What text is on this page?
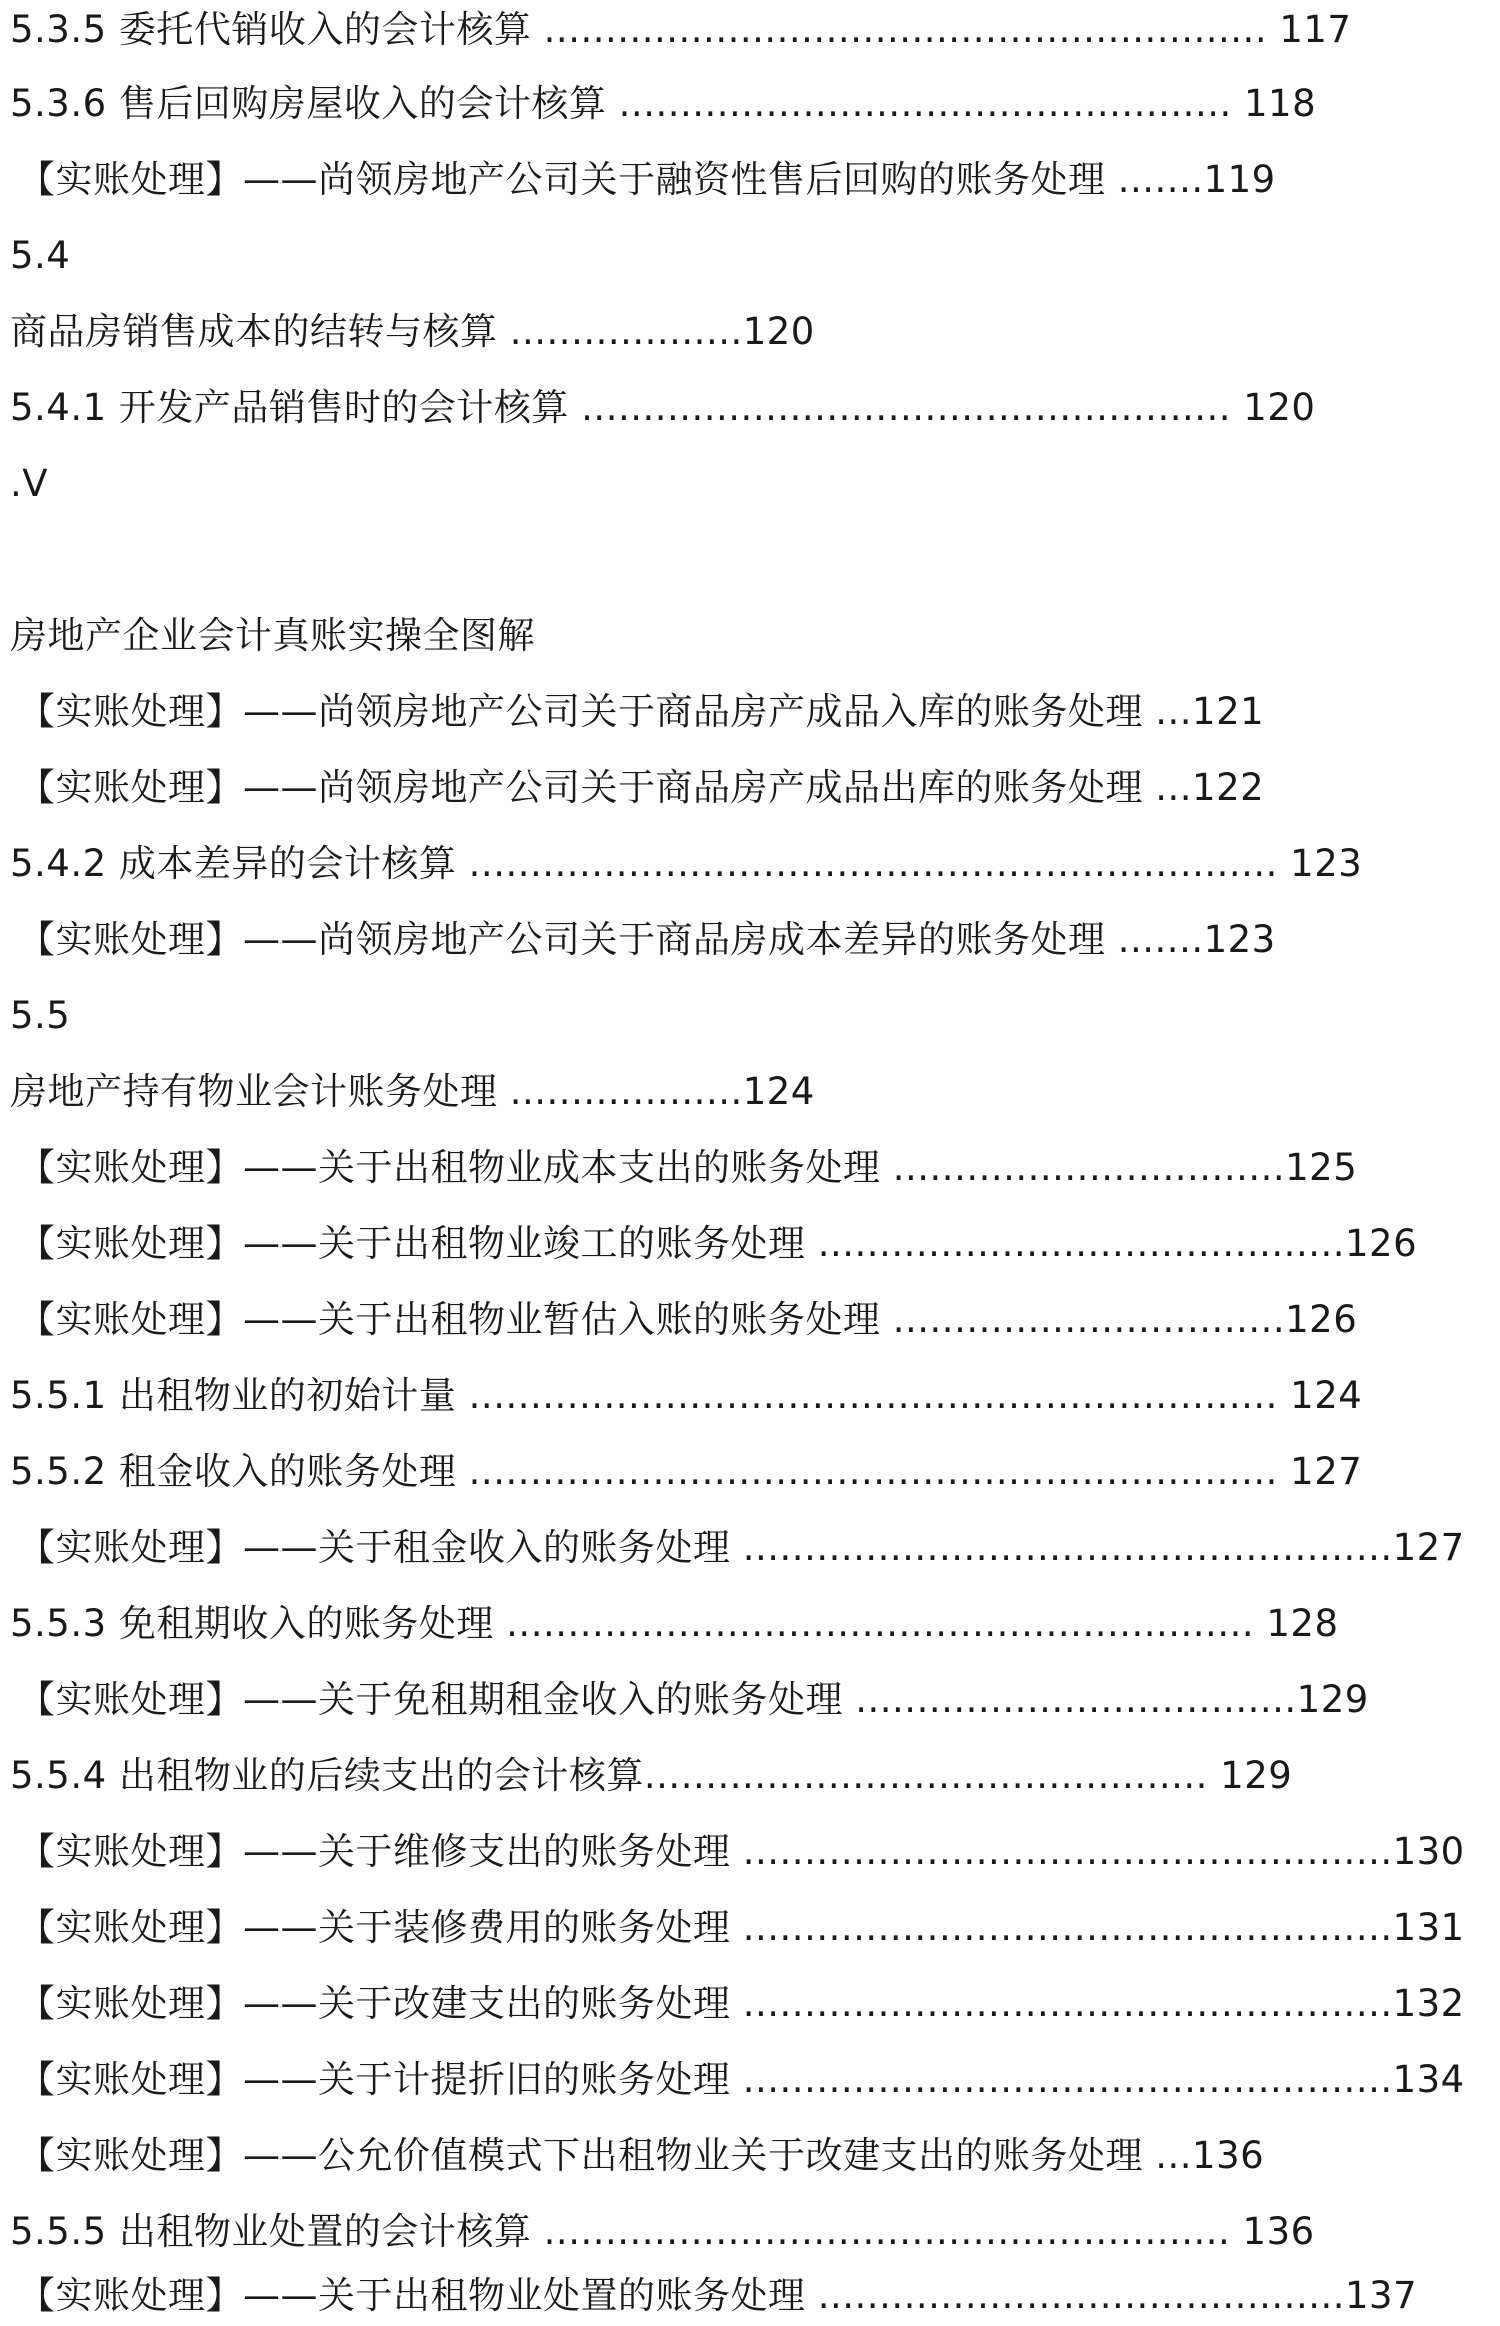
5.3.5 委托代销收入的会计核算 ........................................................... 117
5.3.6 售后回购房屋收入的会计核算 .................................................. 118
【实账处理】——尚领房地产公司关于融资性售后回购的账务处理 .......119
5.4
商品房销售成本的结转与核算 ...................120
5.4.1 开发产品销售时的会计核算 ..................................................... 120
.V
房地产企业会计真账实操全图解
【实账处理】——尚领房地产公司关于商品房产成品入库的账务处理 ...121
【实账处理】——尚领房地产公司关于商品房产成品出库的账务处理 ...122
5.4.2 成本差异的会计核算 .................................................................. 123
【实账处理】——尚领房地产公司关于商品房成本差异的账务处理 .......123
5.5
房地产持有物业会计账务处理 ...................124
【实账处理】——关于出租物业成本支出的账务处理 ................................125
【实账处理】——关于出租物业竣工的账务处理 ...........................................126
【实账处理】——关于出租物业暂估入账的账务处理 ................................126
5.5.1 出租物业的初始计量 .................................................................. 124
5.5.2 租金收入的账务处理 .................................................................. 127
【实账处理】——关于租金收入的账务处理 .....................................................127
5.5.3 免租期收入的账务处理 ............................................................. 128
【实账处理】——关于免租期租金收入的账务处理 ....................................129
5.5.4 出租物业的后续支出的会计核算.............................................. 129
【实账处理】——关于维修支出的账务处理 .....................................................130
【实账处理】——关于装修费用的账务处理 .....................................................131
【实账处理】——关于改建支出的账务处理 .....................................................132
【实账处理】——关于计提折旧的账务处理 .....................................................134
【实账处理】——公允价值模式下出租物业关于改建支出的账务处理 ...136
5.5.5 出租物业处置的会计核算 ........................................................ 136
【实账处理】——关于出租物业处置的账务处理 ...........................................137
